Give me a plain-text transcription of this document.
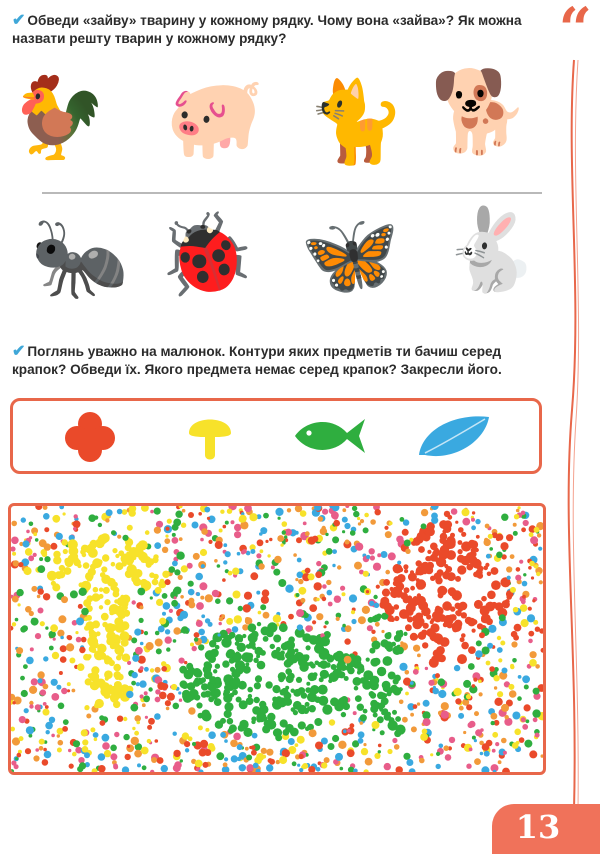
✔ Обведи «зайву» тварину у кожному рядку. Чому вона «зайва»? Як можна назвати решту тварин у кожному рядку?	“
🐓 🐖 🐈 🐕
🐜 🐞 🦋 🐇
✔ Поглянь уважно на малюнок. Контури яких предметів ти бачиш серед крапок? Обведи їх. Якого предмета немає серед крапок? Закресли його.
13
